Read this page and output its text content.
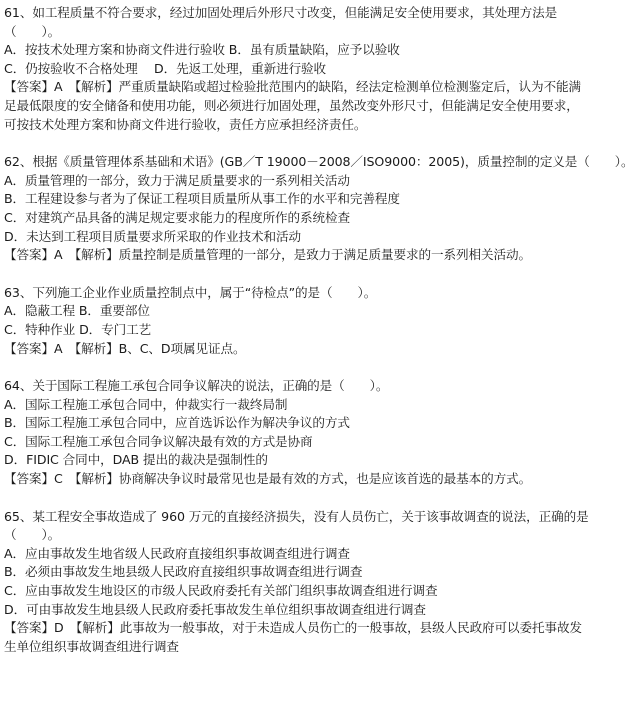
61、如工程质量不符合要求，经过加固处理后外形尺寸改变，但能满足安全使用要求，其处理方法是
（　　）。
A．按技术处理方案和协商文件进行验收 B．虽有质量缺陷，应予以验收
C．仍按验收不合格处理　 D．先返工处理，重新进行验收
【答案】A　【解析】严重质量缺陷或超过检验批范围内的缺陷，经法定检测单位检测鉴定后，认为不能满
足最低限度的安全储备和使用功能，则必须进行加固处理，虽然改变外形尺寸，但能满足安全使用要求，
可按技术处理方案和协商文件进行验收，责任方应承担经济责任。
62、根据《质量管理体系基础和术语》(GB／T 19000－2008／ISO9000：2005)，质量控制的定义是（　　）。
A．质量管理的一部分，致力于满足质量要求的一系列相关活动
B．工程建设参与者为了保证工程项目质量所从事工作的水平和完善程度
C．对建筑产品具备的满足规定要求能力的程度所作的系统检查
D．未达到工程项目质量要求所采取的作业技术和活动
【答案】A　【解析】质量控制是质量管理的一部分，是致力于满足质量要求的一系列相关活动。
63、下列施工企业作业质量控制点中，属于“待检点”的是（　　）。
A．隐蔽工程 B．重要部位
C．特种作业 D．专门工艺
【答案】A　【解析】B、C、D项属见证点。
64、关于国际工程施工承包合同争议解决的说法，正确的是（　　）。
A．国际工程施工承包合同中，仲裁实行一裁终局制
B．国际工程施工承包合同中，应首选诉讼作为解决争议的方式
C．国际工程施工承包合同争议解决最有效的方式是协商
D．FIDIC 合同中，DAB 提出的裁决是强制性的
【答案】C　【解析】协商解决争议时最常见也是最有效的方式，也是应该首选的最基本的方式。
65、某工程安全事故造成了 960 万元的直接经济损失，没有人员伤亡，关于该事故调查的说法，正确的是
（　　）。
A．应由事故发生地省级人民政府直接组织事故调查组进行调查
B．必须由事故发生地县级人民政府直接组织事故调查组进行调查
C．应由事故发生地设区的市级人民政府委托有关部门组织事故调查组进行调查
D．可由事故发生地县级人民政府委托事故发生单位组织事故调查组进行调查
【答案】D　【解析】此事故为一般事故，对于未造成人员伤亡的一般事故，县级人民政府可以委托事故发
生单位组织事故调查组进行调查
